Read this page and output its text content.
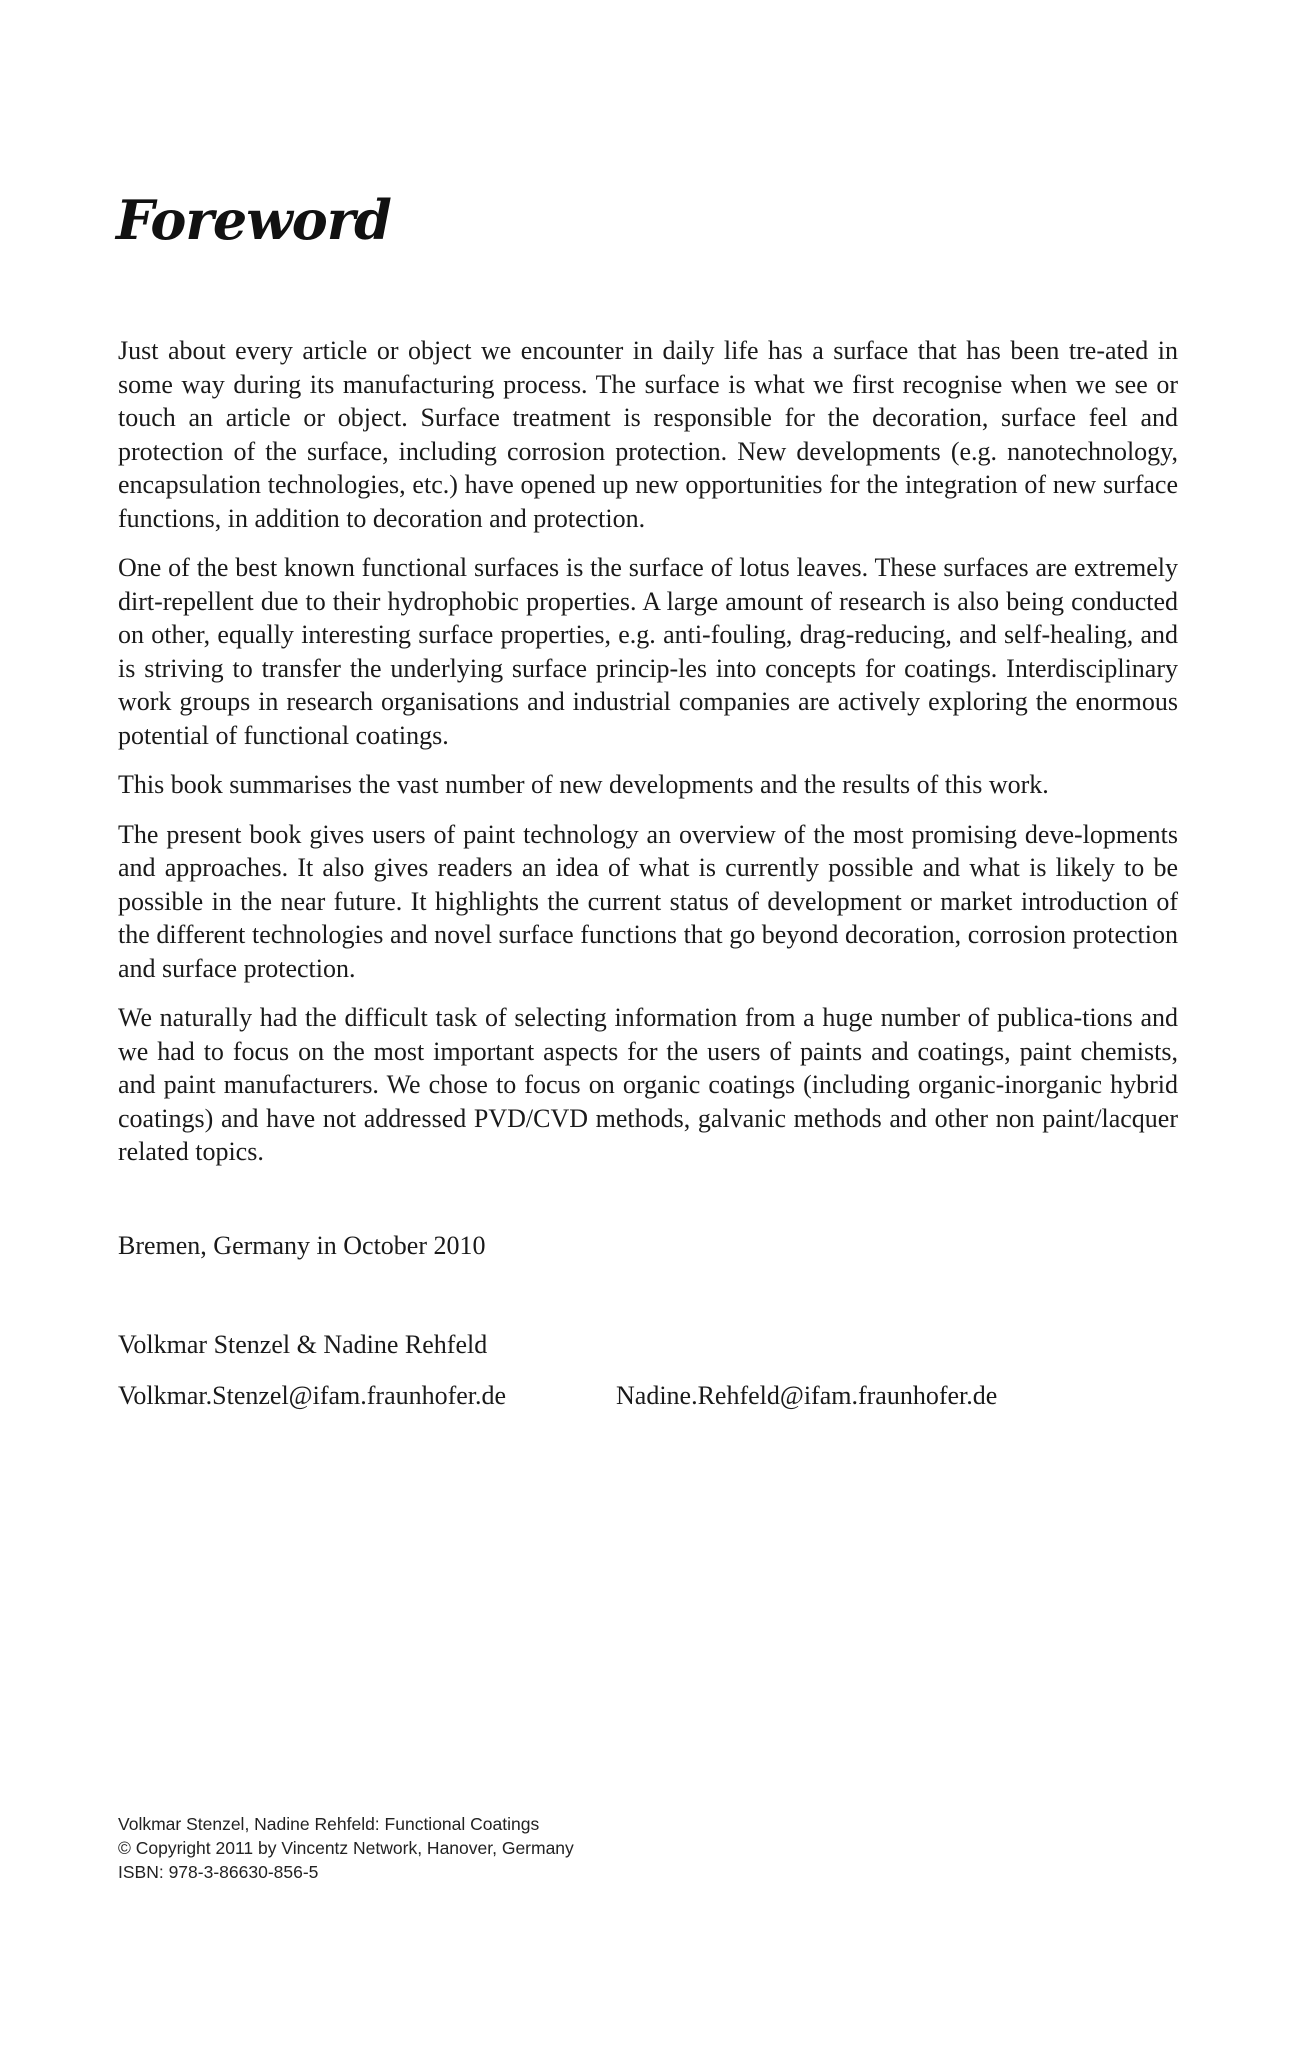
Foreword

Just about every article or object we encounter in daily life has a surface that has been tre-ated in some way during its manufacturing process. The surface is what we first recognise when we see or touch an article or object. Surface treatment is responsible for the decoration, surface feel and protection of the surface, including corrosion protection. New developments (e.g. nanotechnology, encapsulation technologies, etc.) have opened up new opportunities for the integration of new surface functions, in addition to decoration and protection.

One of the best known functional surfaces is the surface of lotus leaves. These surfaces are extremely dirt-repellent due to their hydrophobic properties. A large amount of research is also being conducted on other, equally interesting surface properties, e.g. anti-fouling, drag-reducing, and self-healing, and is striving to transfer the underlying surface princip-les into concepts for coatings. Interdisciplinary work groups in research organisations and industrial companies are actively exploring the enormous potential of functional coatings.

This book summarises the vast number of new developments and the results of this work.

The present book gives users of paint technology an overview of the most promising deve-lopments and approaches. It also gives readers an idea of what is currently possible and what is likely to be possible in the near future. It highlights the current status of development or market introduction of the different technologies and novel surface functions that go beyond decoration, corrosion protection and surface protection.

We naturally had the difficult task of selecting information from a huge number of publica-tions and we had to focus on the most important aspects for the users of paints and coatings, paint chemists, and paint manufacturers. We chose to focus on organic coatings (including organic-inorganic hybrid coatings) and have not addressed PVD/CVD methods, galvanic methods and other non paint/lacquer related topics.

Bremen, Germany in October 2010

Volkmar Stenzel & Nadine Rehfeld

Volkmar.Stenzel@ifam.fraunhofer.de	Nadine.Rehfeld@ifam.fraunhofer.de

Volkmar Stenzel, Nadine Rehfeld: Functional Coatings
© Copyright 2011 by Vincentz Network, Hanover, Germany
ISBN: 978-3-86630-856-5
